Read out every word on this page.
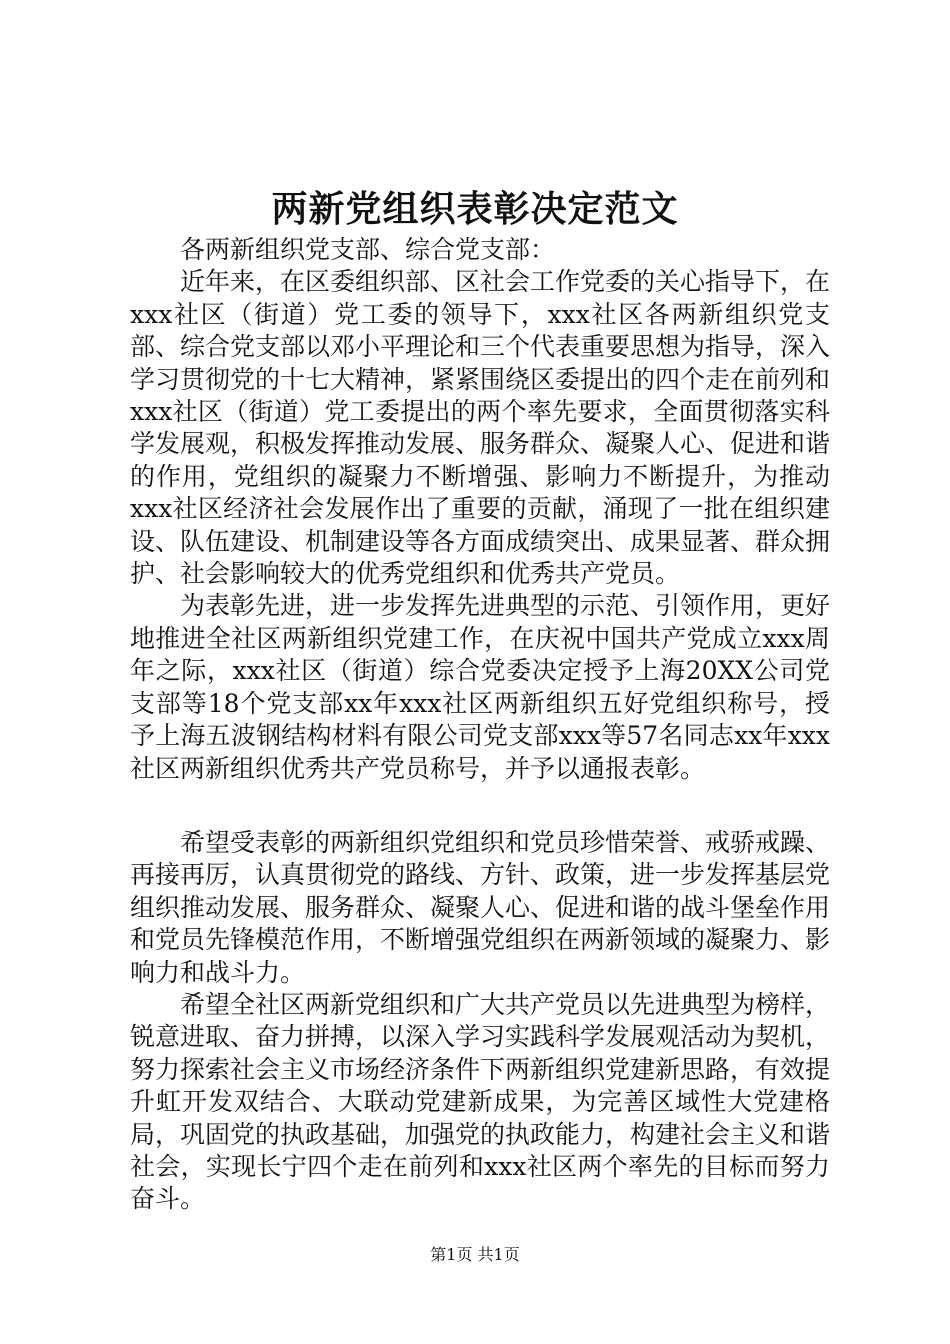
两新党组织表彰决定范文

各两新组织党支部、综合党支部：

近年来，在区委组织部、区社会工作党委的关心指导下，在xxx社区（街道）党工委的领导下，xxx社区各两新组织党支部、综合党支部以邓小平理论和三个代表重要思想为指导，深入学习贯彻党的十七大精神，紧紧围绕区委提出的四个走在前列和xxx社区（街道）党工委提出的两个率先要求，全面贯彻落实科学发展观，积极发挥推动发展、服务群众、凝聚人心、促进和谐的作用，党组织的凝聚力不断增强、影响力不断提升，为推动xxx社区经济社会发展作出了重要的贡献，涌现了一批在组织建设、队伍建设、机制建设等各方面成绩突出、成果显著、群众拥护、社会影响较大的优秀党组织和优秀共产党员。

为表彰先进，进一步发挥先进典型的示范、引领作用，更好地推进全社区两新组织党建工作，在庆祝中国共产党成立xxx周年之际，xxx社区（街道）综合党委决定授予上海20XX公司党支部等18个党支部xx年xxx社区两新组织五好党组织称号，授予上海五波钢结构材料有限公司党支部xxx等57名同志xx年xxx社区两新组织优秀共产党员称号，并予以通报表彰。

希望受表彰的两新组织党组织和党员珍惜荣誉、戒骄戒躁、再接再厉，认真贯彻党的路线、方针、政策，进一步发挥基层党组织推动发展、服务群众、凝聚人心、促进和谐的战斗堡垒作用和党员先锋模范作用，不断增强党组织在两新领域的凝聚力、影响力和战斗力。

希望全社区两新党组织和广大共产党员以先进典型为榜样，锐意进取、奋力拼搏，以深入学习实践科学发展观活动为契机，努力探索社会主义市场经济条件下两新组织党建新思路，有效提升虹开发双结合、大联动党建新成果，为完善区域性大党建格局，巩固党的执政基础，加强党的执政能力，构建社会主义和谐社会，实现长宁四个走在前列和xxx社区两个率先的目标而努力奋斗。

第1页 共1页
